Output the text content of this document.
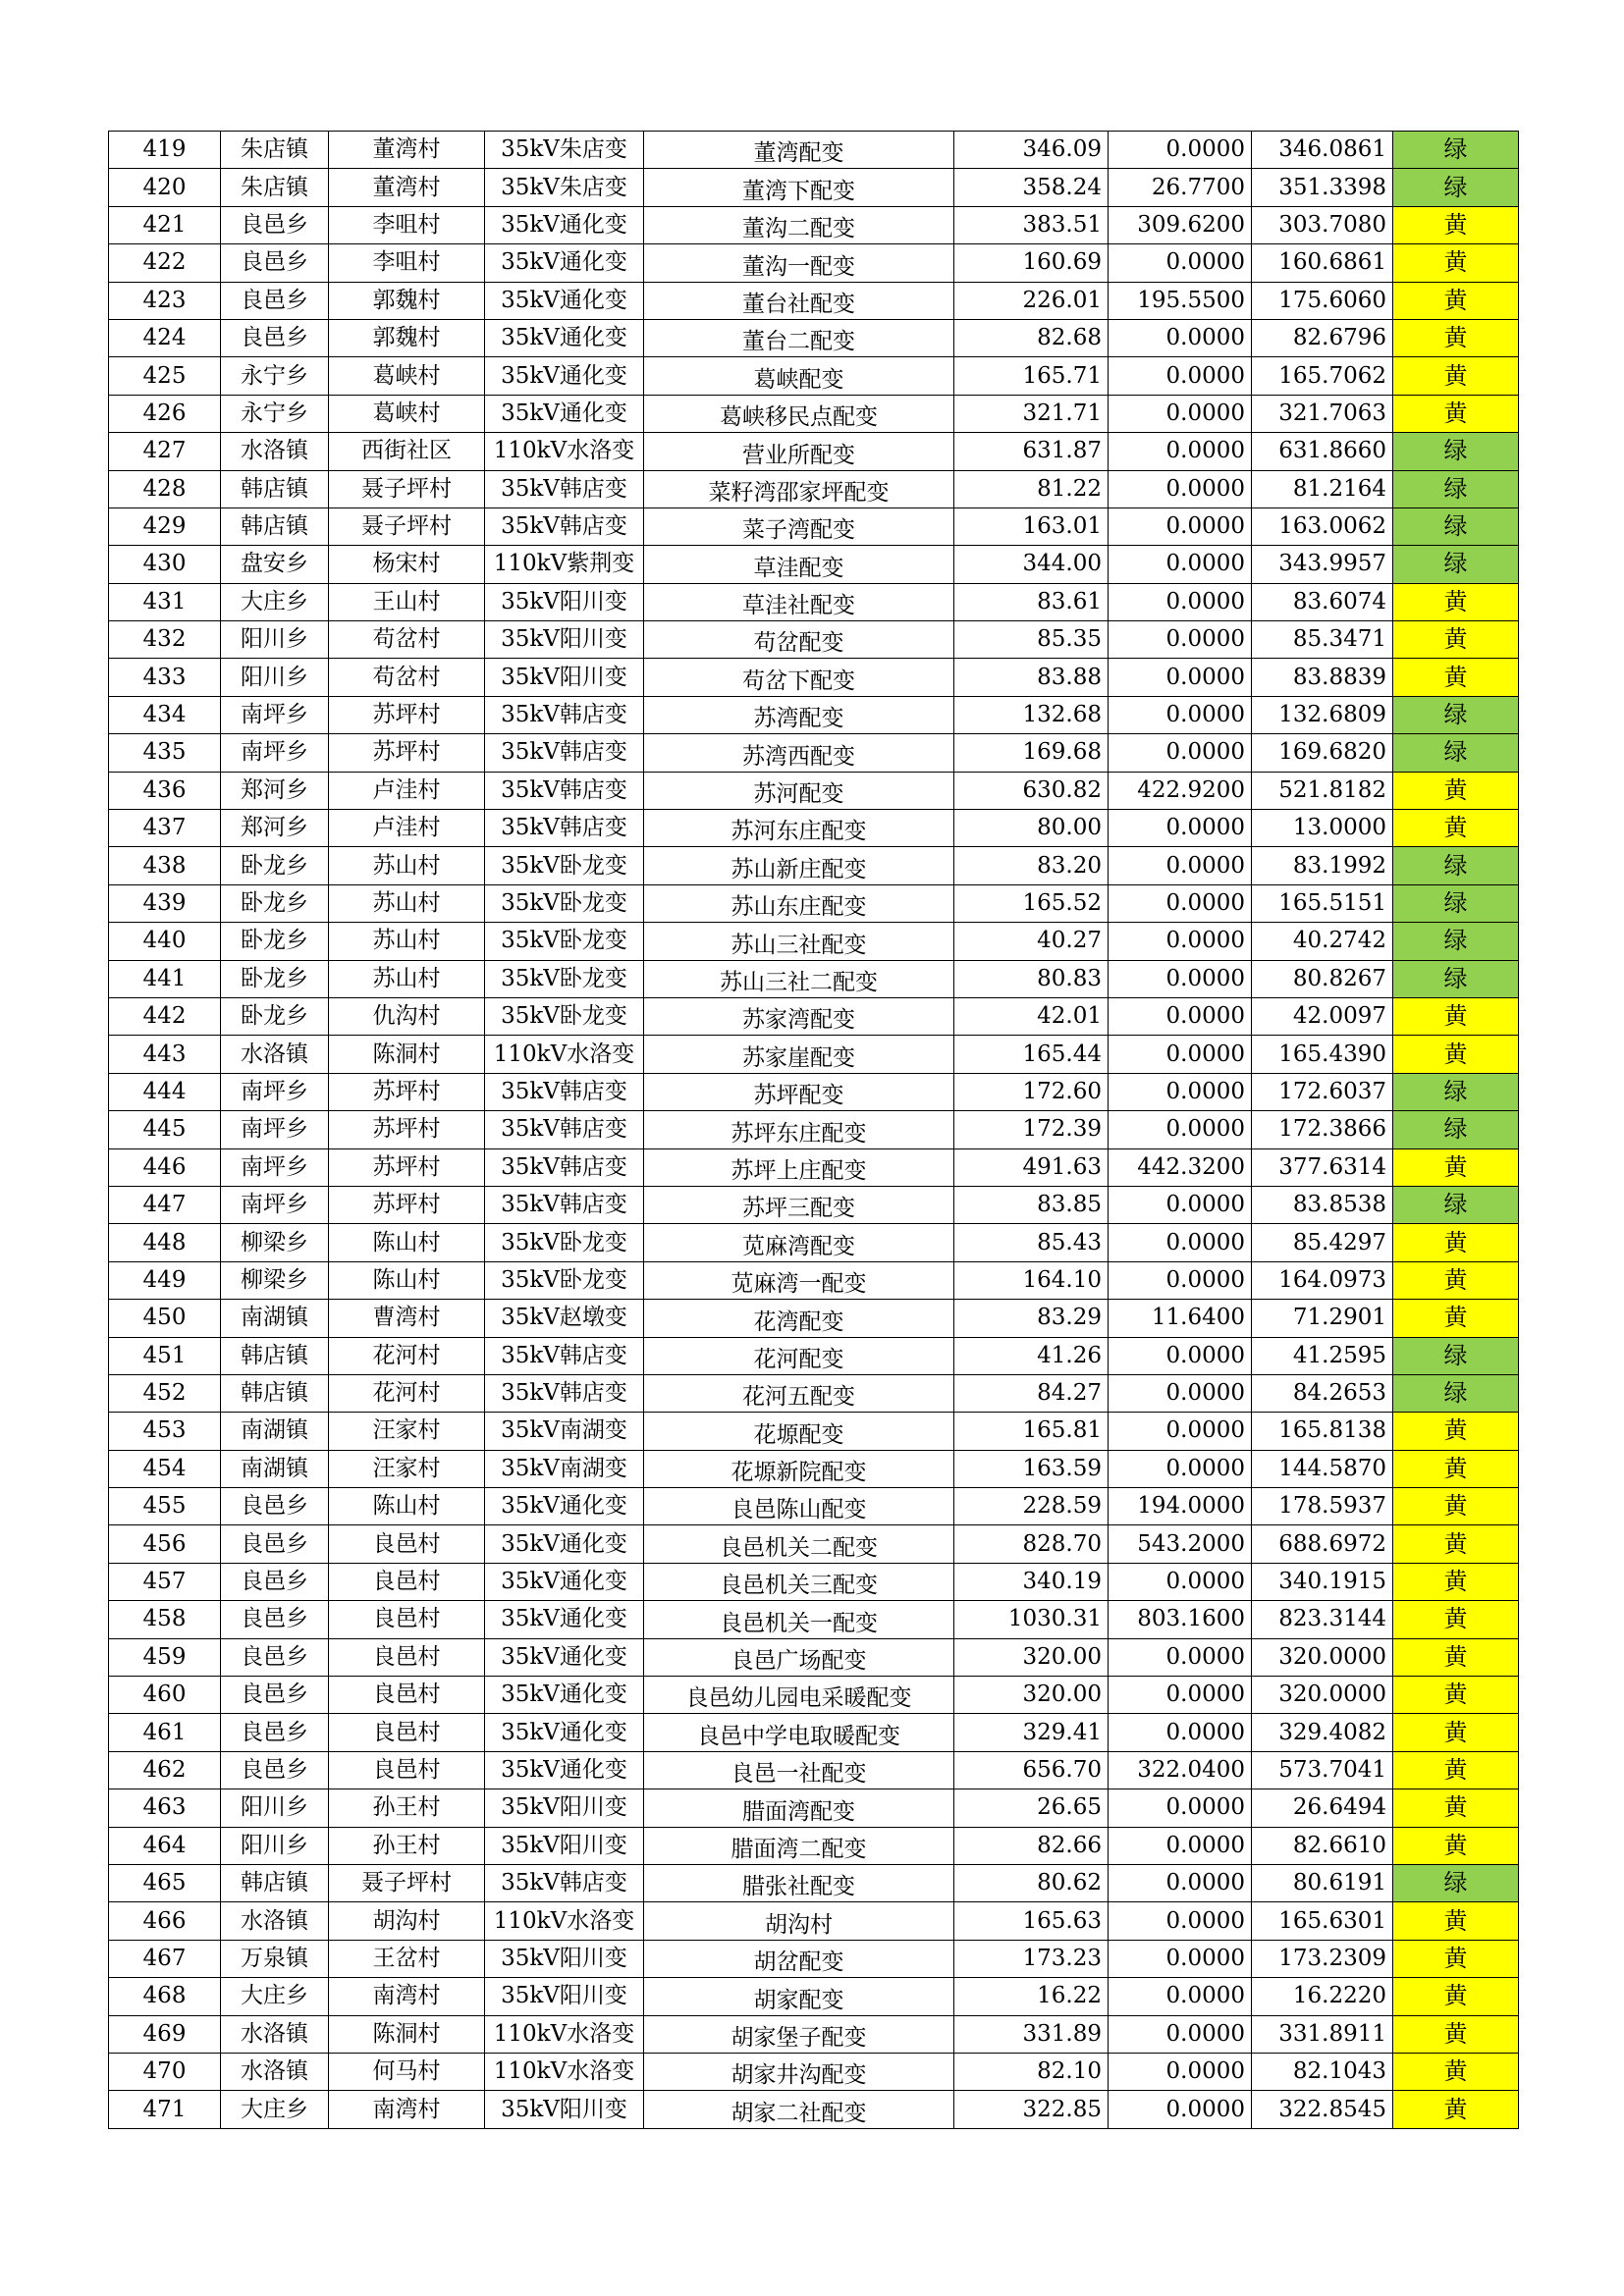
419	朱店镇	董湾村	35kV朱店变	董湾配变	346.09	0.0000	346.0861	绿
420	朱店镇	董湾村	35kV朱店变	董湾下配变	358.24	26.7700	351.3398	绿
421	良邑乡	李咀村	35kV通化变	董沟二配变	383.51	309.6200	303.7080	黄
422	良邑乡	李咀村	35kV通化变	董沟一配变	160.69	0.0000	160.6861	黄
423	良邑乡	郭魏村	35kV通化变	董台社配变	226.01	195.5500	175.6060	黄
424	良邑乡	郭魏村	35kV通化变	董台二配变	82.68	0.0000	82.6796	黄
425	永宁乡	葛峡村	35kV通化变	葛峡配变	165.71	0.0000	165.7062	黄
426	永宁乡	葛峡村	35kV通化变	葛峡移民点配变	321.71	0.0000	321.7063	黄
427	水洛镇	西街社区	110kV水洛变	营业所配变	631.87	0.0000	631.8660	绿
428	韩店镇	聂子坪村	35kV韩店变	菜籽湾邵家坪配变	81.22	0.0000	81.2164	绿
429	韩店镇	聂子坪村	35kV韩店变	菜子湾配变	163.01	0.0000	163.0062	绿
430	盘安乡	杨宋村	110kV紫荆变	草洼配变	344.00	0.0000	343.9957	绿
431	大庄乡	王山村	35kV阳川变	草洼社配变	83.61	0.0000	83.6074	黄
432	阳川乡	苟岔村	35kV阳川变	苟岔配变	85.35	0.0000	85.3471	黄
433	阳川乡	苟岔村	35kV阳川变	苟岔下配变	83.88	0.0000	83.8839	黄
434	南坪乡	苏坪村	35kV韩店变	苏湾配变	132.68	0.0000	132.6809	绿
435	南坪乡	苏坪村	35kV韩店变	苏湾西配变	169.68	0.0000	169.6820	绿
436	郑河乡	卢洼村	35kV韩店变	苏河配变	630.82	422.9200	521.8182	黄
437	郑河乡	卢洼村	35kV韩店变	苏河东庄配变	80.00	0.0000	13.0000	黄
438	卧龙乡	苏山村	35kV卧龙变	苏山新庄配变	83.20	0.0000	83.1992	绿
439	卧龙乡	苏山村	35kV卧龙变	苏山东庄配变	165.52	0.0000	165.5151	绿
440	卧龙乡	苏山村	35kV卧龙变	苏山三社配变	40.27	0.0000	40.2742	绿
441	卧龙乡	苏山村	35kV卧龙变	苏山三社二配变	80.83	0.0000	80.8267	绿
442	卧龙乡	仇沟村	35kV卧龙变	苏家湾配变	42.01	0.0000	42.0097	黄
443	水洛镇	陈洞村	110kV水洛变	苏家崖配变	165.44	0.0000	165.4390	黄
444	南坪乡	苏坪村	35kV韩店变	苏坪配变	172.60	0.0000	172.6037	绿
445	南坪乡	苏坪村	35kV韩店变	苏坪东庄配变	172.39	0.0000	172.3866	绿
446	南坪乡	苏坪村	35kV韩店变	苏坪上庄配变	491.63	442.3200	377.6314	黄
447	南坪乡	苏坪村	35kV韩店变	苏坪三配变	83.85	0.0000	83.8538	绿
448	柳梁乡	陈山村	35kV卧龙变	苋麻湾配变	85.43	0.0000	85.4297	黄
449	柳梁乡	陈山村	35kV卧龙变	苋麻湾一配变	164.10	0.0000	164.0973	黄
450	南湖镇	曹湾村	35kV赵墩变	花湾配变	83.29	11.6400	71.2901	黄
451	韩店镇	花河村	35kV韩店变	花河配变	41.26	0.0000	41.2595	绿
452	韩店镇	花河村	35kV韩店变	花河五配变	84.27	0.0000	84.2653	绿
453	南湖镇	汪家村	35kV南湖变	花塬配变	165.81	0.0000	165.8138	黄
454	南湖镇	汪家村	35kV南湖变	花塬新院配变	163.59	0.0000	144.5870	黄
455	良邑乡	陈山村	35kV通化变	良邑陈山配变	228.59	194.0000	178.5937	黄
456	良邑乡	良邑村	35kV通化变	良邑机关二配变	828.70	543.2000	688.6972	黄
457	良邑乡	良邑村	35kV通化变	良邑机关三配变	340.19	0.0000	340.1915	黄
458	良邑乡	良邑村	35kV通化变	良邑机关一配变	1030.31	803.1600	823.3144	黄
459	良邑乡	良邑村	35kV通化变	良邑广场配变	320.00	0.0000	320.0000	黄
460	良邑乡	良邑村	35kV通化变	良邑幼儿园电采暖配变	320.00	0.0000	320.0000	黄
461	良邑乡	良邑村	35kV通化变	良邑中学电取暖配变	329.41	0.0000	329.4082	黄
462	良邑乡	良邑村	35kV通化变	良邑一社配变	656.70	322.0400	573.7041	黄
463	阳川乡	孙王村	35kV阳川变	腊面湾配变	26.65	0.0000	26.6494	黄
464	阳川乡	孙王村	35kV阳川变	腊面湾二配变	82.66	0.0000	82.6610	黄
465	韩店镇	聂子坪村	35kV韩店变	腊张社配变	80.62	0.0000	80.6191	绿
466	水洛镇	胡沟村	110kV水洛变	胡沟村	165.63	0.0000	165.6301	黄
467	万泉镇	王岔村	35kV阳川变	胡岔配变	173.23	0.0000	173.2309	黄
468	大庄乡	南湾村	35kV阳川变	胡家配变	16.22	0.0000	16.2220	黄
469	水洛镇	陈洞村	110kV水洛变	胡家堡子配变	331.89	0.0000	331.8911	黄
470	水洛镇	何马村	110kV水洛变	胡家井沟配变	82.10	0.0000	82.1043	黄
471	大庄乡	南湾村	35kV阳川变	胡家二社配变	322.85	0.0000	322.8545	黄
